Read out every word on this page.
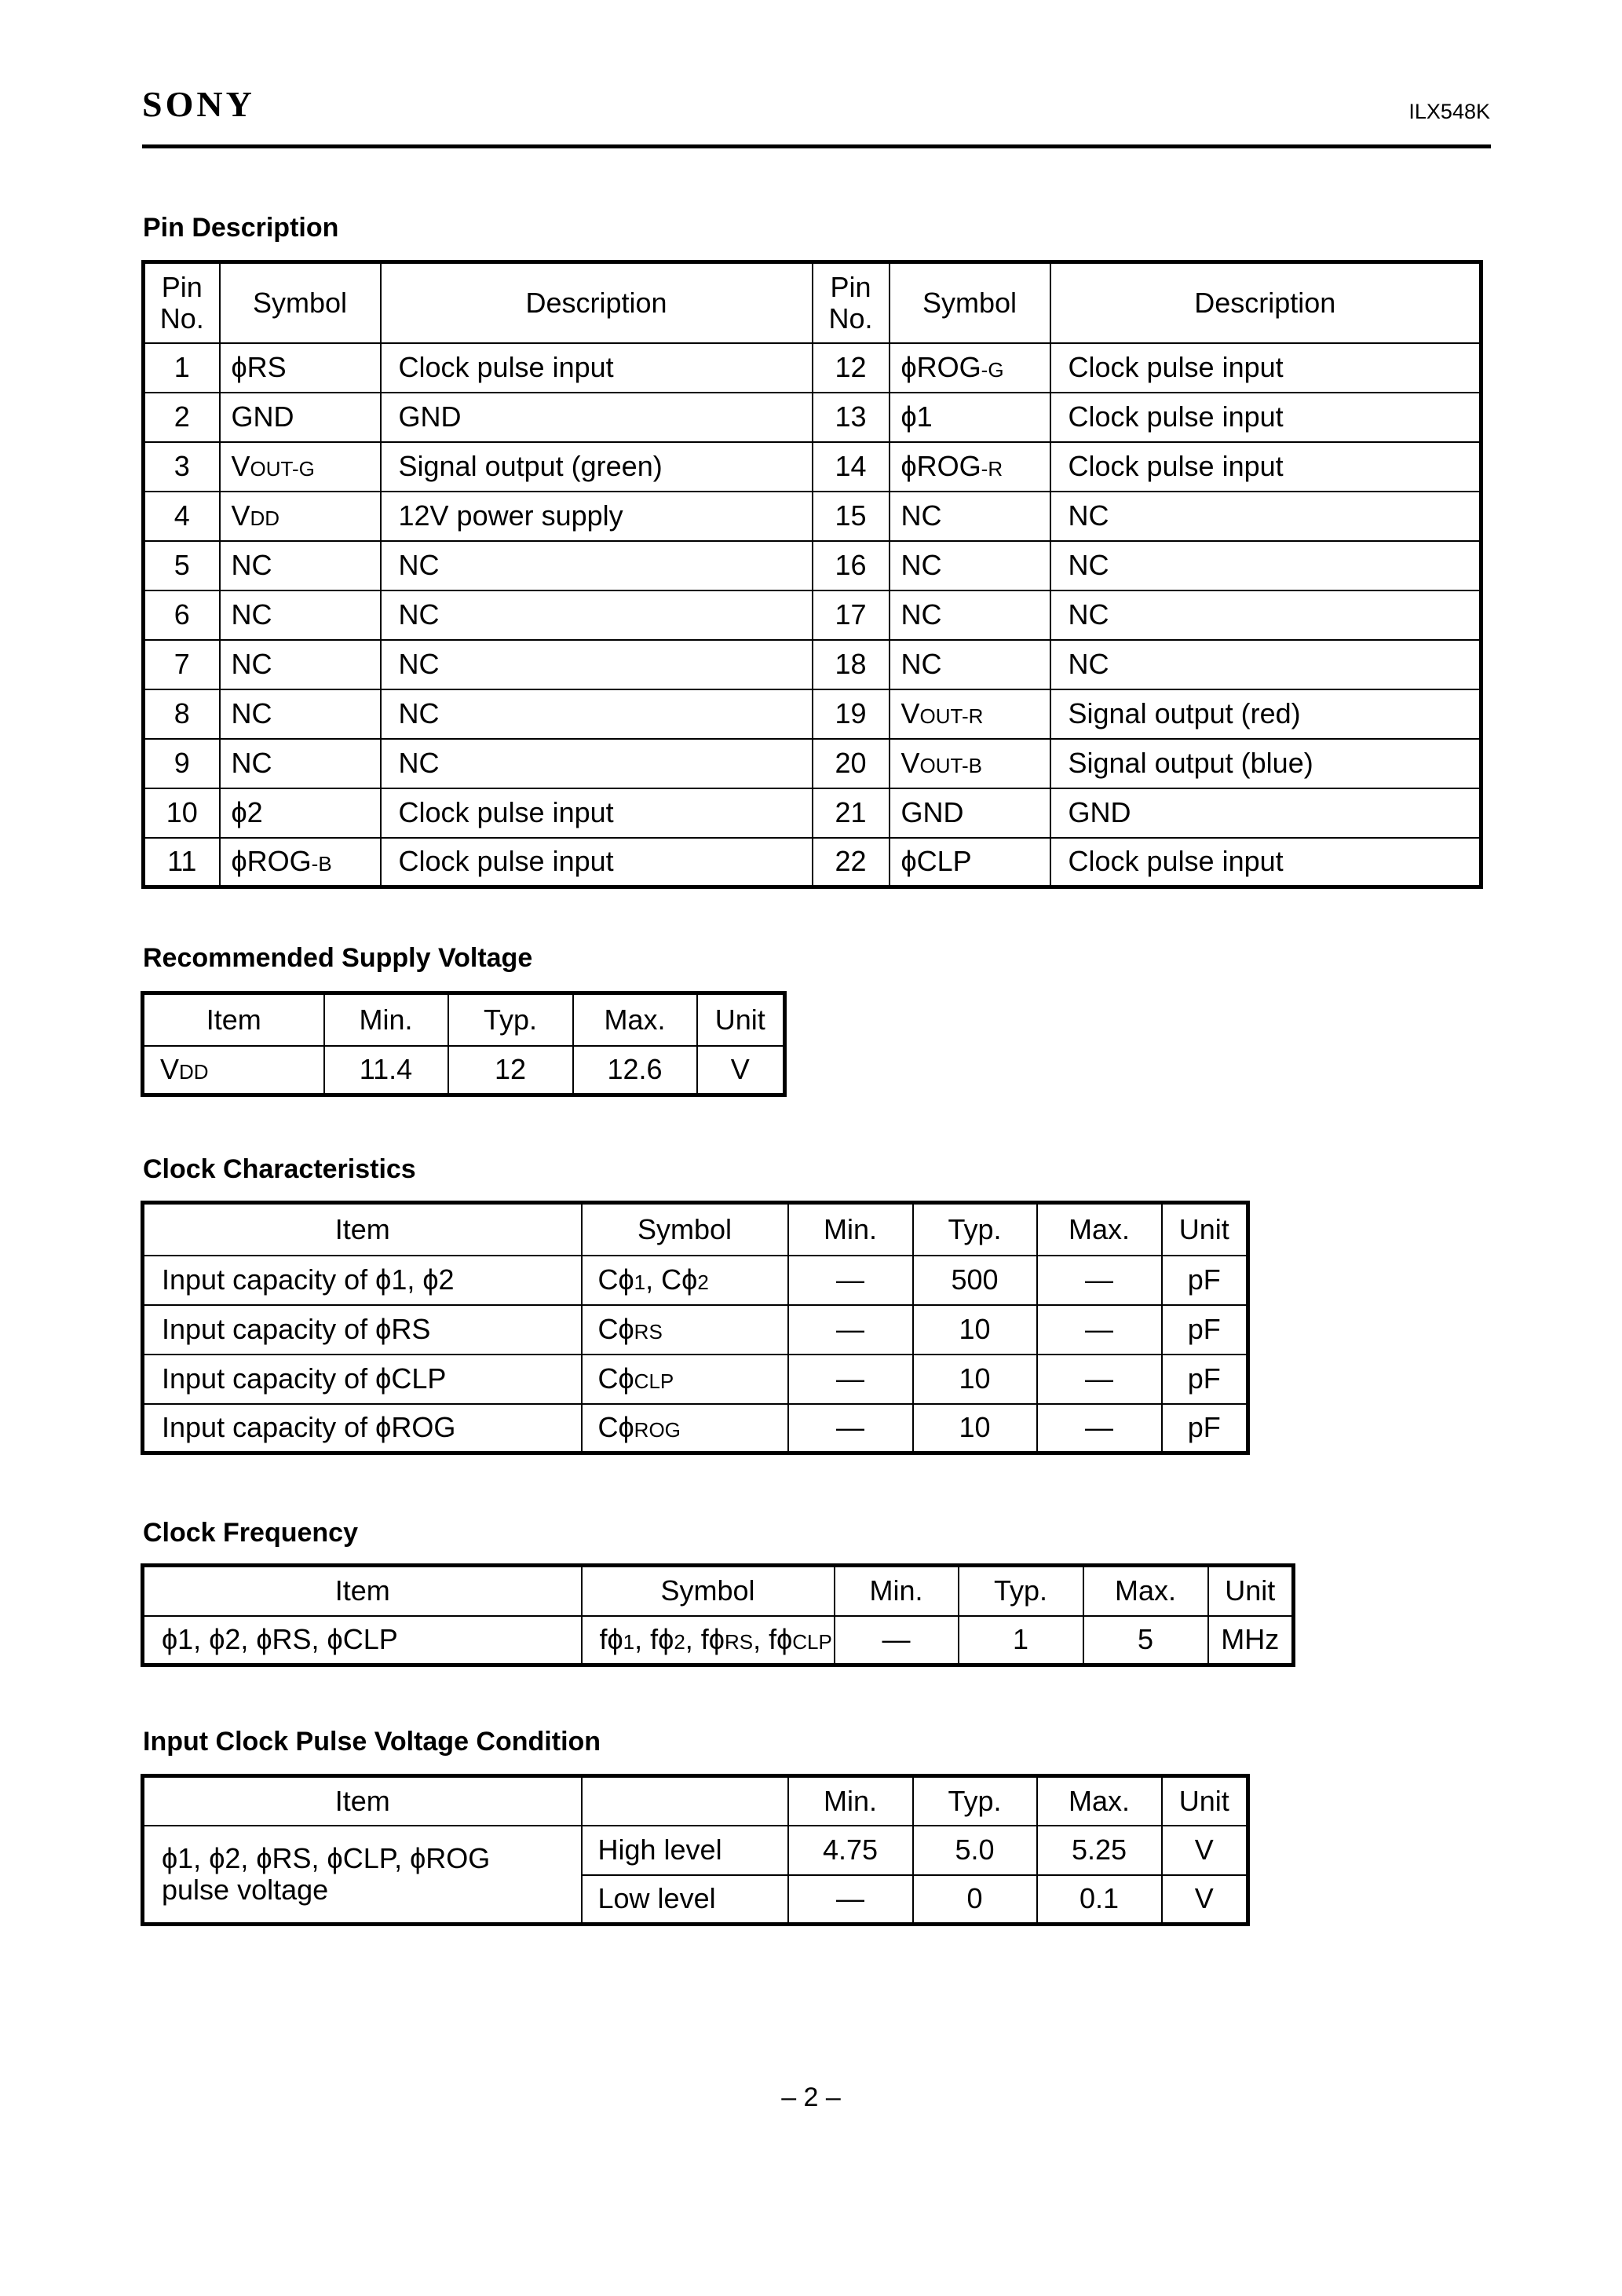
SONY	ILX548K
Pin Description
Pin
No.	Symbol	Description	Pin
No.	Symbol	Description
1	ϕRS	Clock pulse input	12	ϕROG-G	Clock pulse input
2	GND	GND	13	ϕ1	Clock pulse input
3	VOUT-G	Signal output (green)	14	ϕROG-R	Clock pulse input
4	VDD	12V power supply	15	NC	NC
5	NC	NC	16	NC	NC
6	NC	NC	17	NC	NC
7	NC	NC	18	NC	NC
8	NC	NC	19	VOUT-R	Signal output (red)
9	NC	NC	20	VOUT-B	Signal output (blue)
10	ϕ2	Clock pulse input	21	GND	GND
11	ϕROG-B	Clock pulse input	22	ϕCLP	Clock pulse input
Recommended Supply Voltage
Item	Min.	Typ.	Max.	Unit
VDD	11.4	12	12.6	V
Clock Characteristics
Item	Symbol	Min.	Typ.	Max.	Unit
Input capacity of ϕ1, ϕ2	Cϕ1, Cϕ2	—	500	—	pF
Input capacity of ϕRS	CϕRS	—	10	—	pF
Input capacity of ϕCLP	CϕCLP	—	10	—	pF
Input capacity of ϕROG	CϕROG	—	10	—	pF
Clock Frequency
Item	Symbol	Min.	Typ.	Max.	Unit
ϕ1, ϕ2, ϕRS, ϕCLP	fϕ1, fϕ2, fϕRS, fϕCLP	—	1	5	MHz
Input Clock Pulse Voltage Condition
Item		Min.	Typ.	Max.	Unit
ϕ1, ϕ2, ϕRS, ϕCLP, ϕROG
pulse voltage	High level	4.75	5.0	5.25	V
	Low level	—	0	0.1	V
– 2 –
